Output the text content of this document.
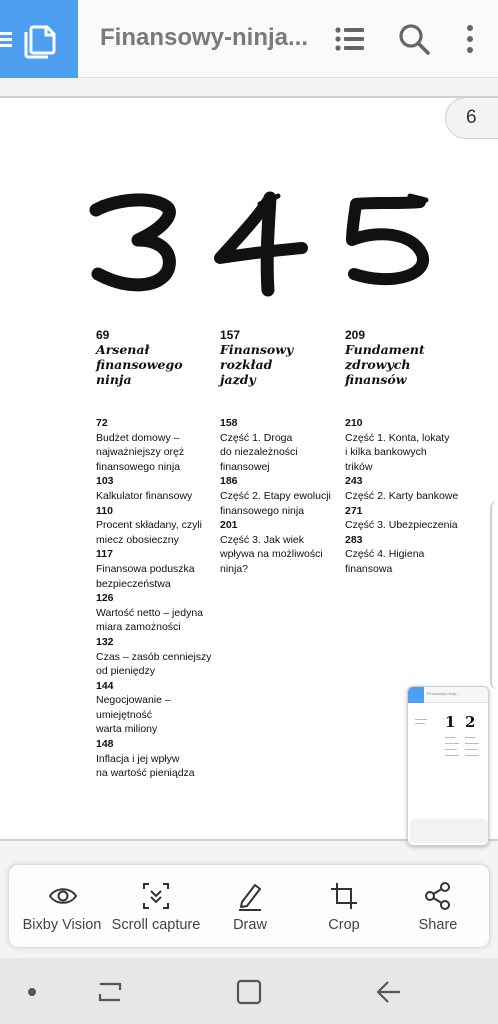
Finansowy-ninja...
6
69
Arsenał
finansowego
ninja
72
Budżet domowy –
najważniejszy oręż
finansowego ninja
103
Kalkulator finansowy
110
Procent składany, czyli
miecz obosieczny
117
Finansowa poduszka
bezpieczeństwa
126
Wartość netto – jedyna
miara zamożności
132
Czas – zasób cenniejszy
od pieniędzy
144
Negocjowanie –
umiejętność
warta miliony
148
Inflacja i jej wpływ
na wartość pieniądza
157
Finansowy
rozkład
jazdy
158
Część 1. Droga
do niezależności
finansowej
186
Część 2. Etapy ewolucji
finansowego ninja
201
Część 3. Jak wiek
wpływa na możliwości
ninja?
209
Fundament
zdrowych
finansów
210
Część 1. Konta, lokaty
i kilka bankowych
trików
243
Część 2. Karty bankowe
271
Część 3. Ubezpieczenia
283
Część 4. Higiena
finansowa
Finansowy-ninja...
1 2
Bixby Vision Scroll capture	Draw	Crop	Share
